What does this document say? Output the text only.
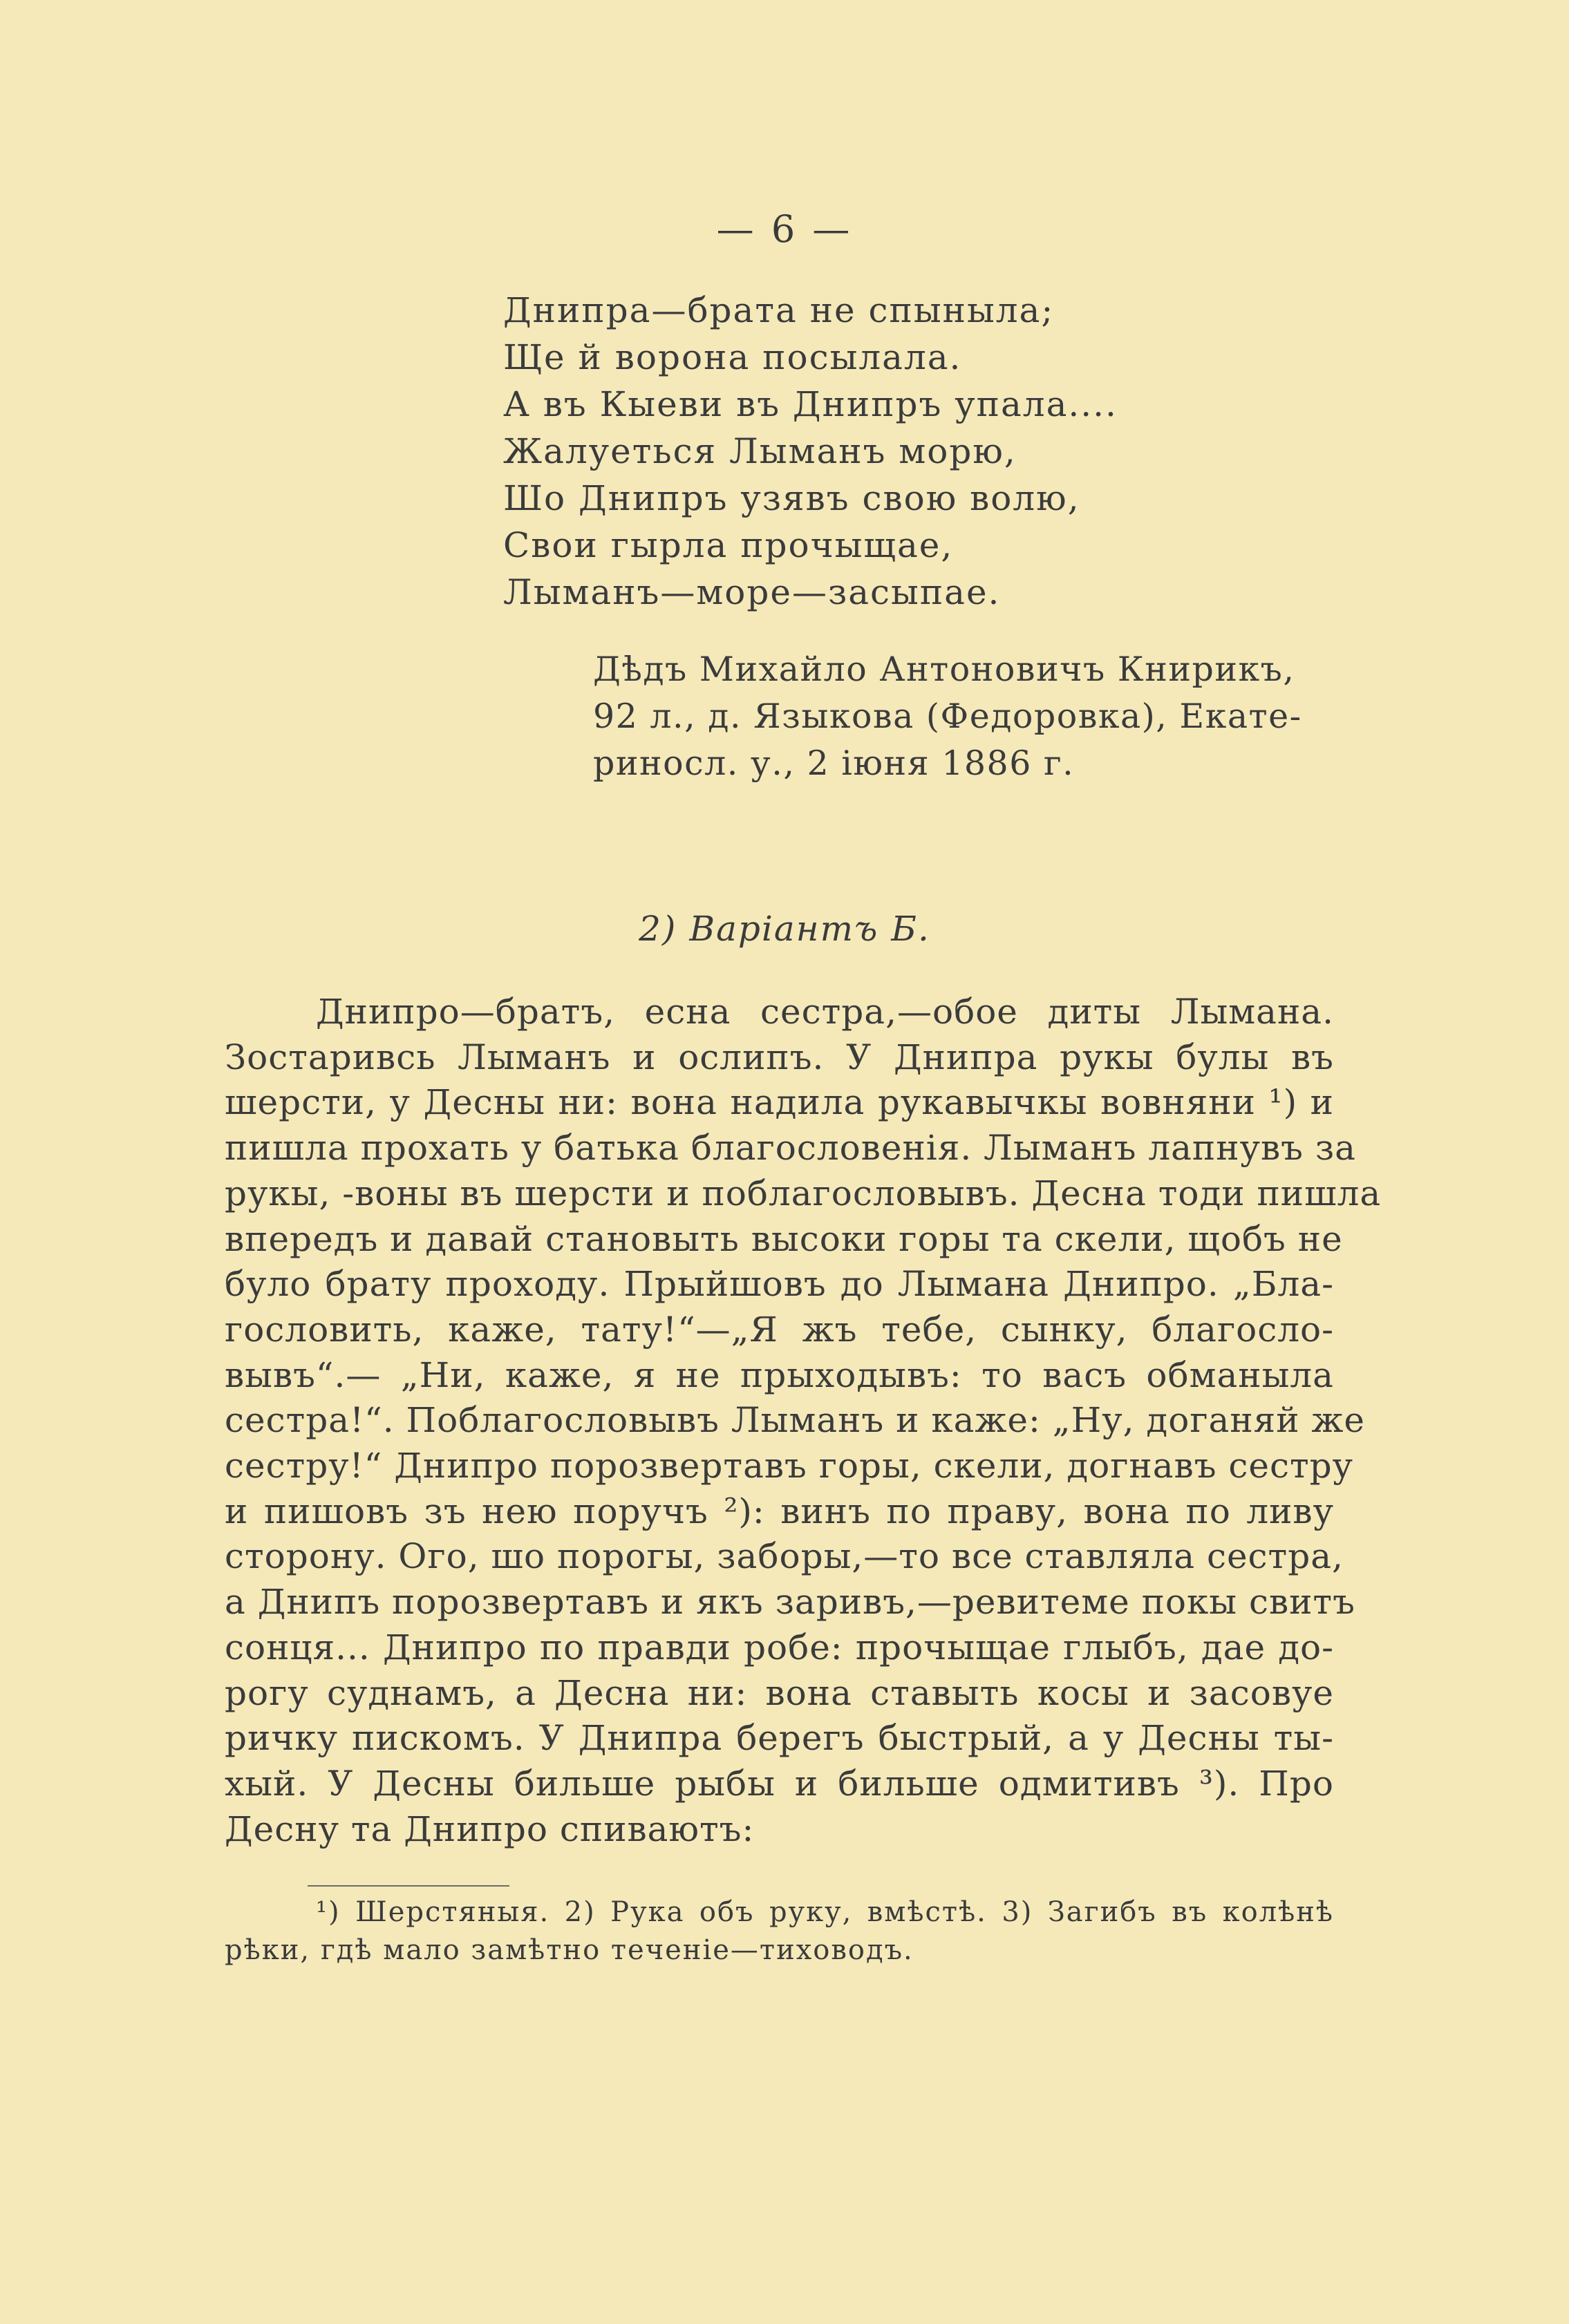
— 6 —
Днипра—брата не спыныла;
Ще й ворона посылала.
А въ Кыеви въ Днипръ упала....
Жалуеться Лыманъ морю,
Шо Днипръ узявъ свою волю,
Свои гырла прочыщае,
Лыманъ—море—засыпае.
Дѣдъ Михайло Антоновичъ Книрикъ,
92 л., д. Языкова (Федоровка), Екате-
риносл. у., 2 іюня 1886 г.
2) Варіантъ Б.
Днипро—братъ, есна сестра,—обое диты Лымана.
Зостаривсь Лыманъ и ослипъ. У Днипра рукы булы въ
шерсти, у Десны ни: вона надила рукавычкы вовняни ¹) и
пишла прохать у батька благословенія. Лыманъ лапнувъ за
рукы, -воны въ шерсти и поблагословывъ. Десна тоди пишла
впередъ и давай становыть высоки горы та скели, щобъ не
було брату проходу. Прыйшовъ до Лымана Днипро. „Бла-
гословить, каже, тату!“—„Я жъ тебе, сынку, благосло-
вывъ“.— „Ни, каже, я не прыходывъ: то васъ обманыла
сестра!“. Поблагословывъ Лыманъ и каже: „Ну, доганяй же
сестру!“ Днипро порозвертавъ горы, скели, догнавъ сестру
и пишовъ зъ нею поручъ ²): винъ по праву, вона по ливу
сторону. Ого, шо порогы, заборы,—то все ставляла сестра,
а Днипъ порозвертавъ и якъ заривъ,—ревитеме покы свитъ
сонця... Днипро по правди робе: прочыщае глыбъ, дае до-
рогу суднамъ, а Десна ни: вона ставыть косы и засовуе
ричку пискомъ. У Днипра берегъ быстрый, а у Десны ты-
хый. У Десны бильше рыбы и бильше одмитивъ ³). Про
Десну та Днипро спиваютъ:
¹) Шерстяныя. 2) Рука объ руку, вмѣстѣ. 3) Загибъ въ колѣнѣ
рѣки, гдѣ мало замѣтно теченіе—тиховодъ.
